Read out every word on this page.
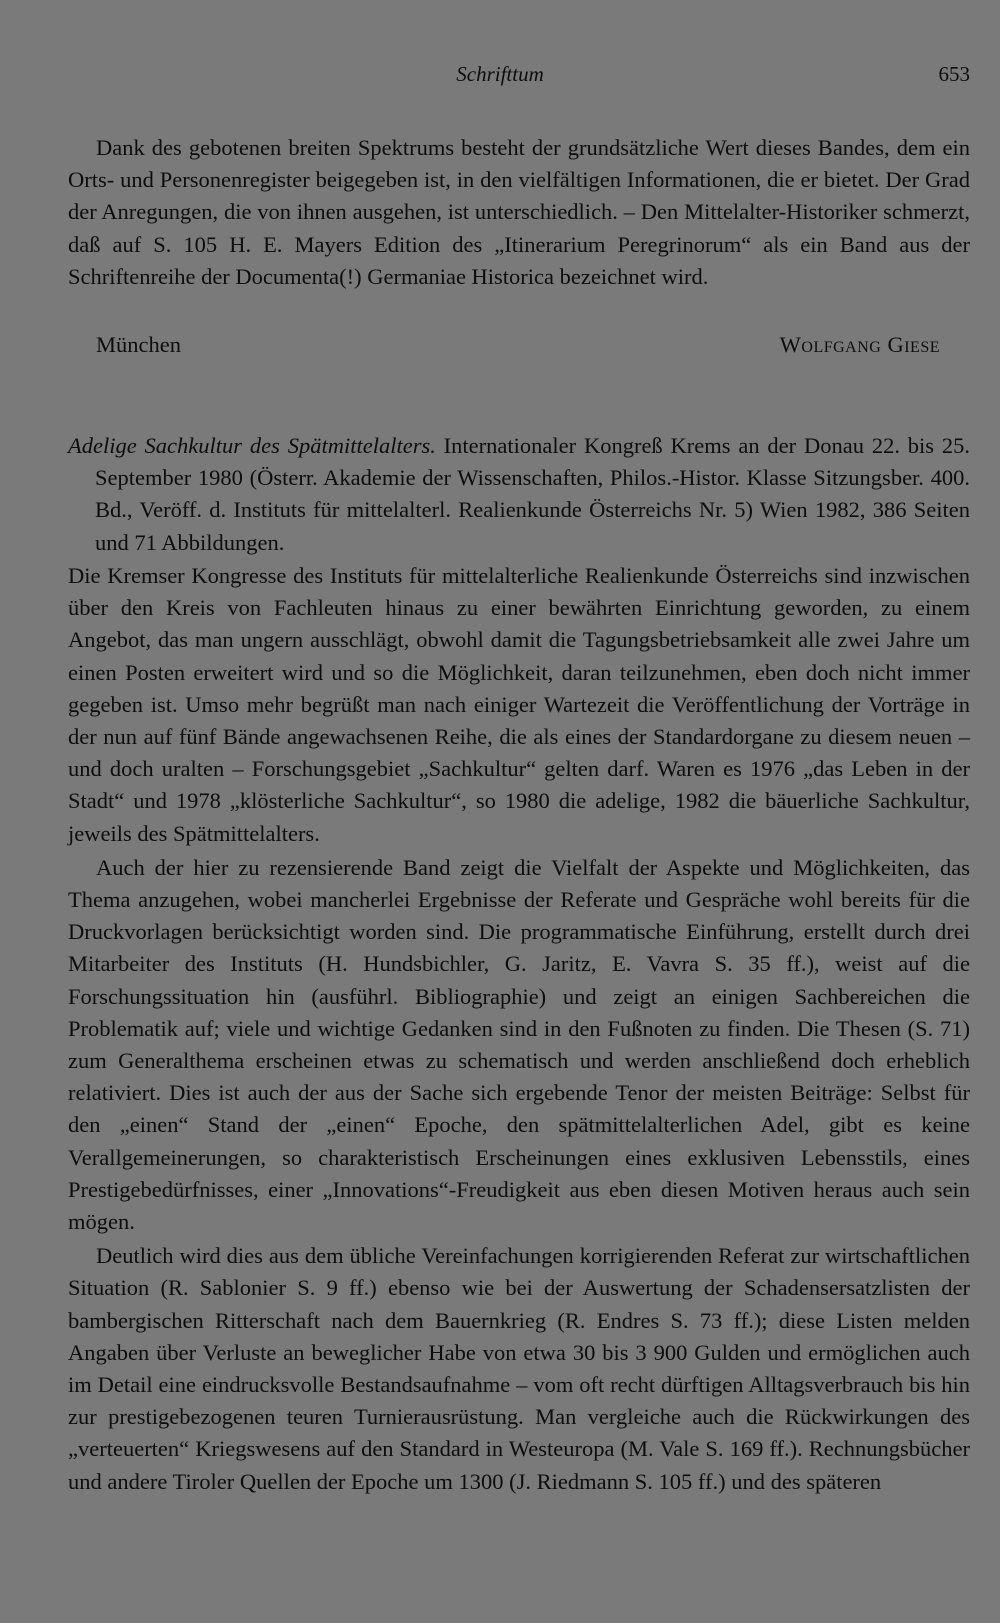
Schrifttum	653

Dank des gebotenen breiten Spektrums besteht der grundsätzliche Wert dieses Bandes, dem ein Orts- und Personenregister beigegeben ist, in den vielfältigen Informationen, die er bietet. Der Grad der Anregungen, die von ihnen ausgehen, ist unterschiedlich. – Den Mittelalter-Historiker schmerzt, daß auf S. 105 H. E. Mayers Edition des „Itinerarium Peregrinorum“ als ein Band aus der Schriftenreihe der Documenta(!) Germaniae Historica bezeichnet wird.

München	Wolfgang Giese
Adelige Sachkultur des Spätmittelalters. Internationaler Kongreß Krems an der Donau 22. bis 25. September 1980 (Österr. Akademie der Wissenschaften, Philos.-Histor. Klasse Sitzungsber. 400. Bd., Veröff. d. Instituts für mittelalterl. Realienkunde Österreichs Nr. 5) Wien 1982, 386 Seiten und 71 Abbildungen.

Die Kremser Kongresse des Instituts für mittelalterliche Realienkunde Österreichs sind inzwischen über den Kreis von Fachleuten hinaus zu einer bewährten Einrichtung geworden, zu einem Angebot, das man ungern ausschlägt, obwohl damit die Tagungsbetriebsamkeit alle zwei Jahre um einen Posten erweitert wird und so die Möglichkeit, daran teilzunehmen, eben doch nicht immer gegeben ist. Umso mehr begrüßt man nach einiger Wartezeit die Veröffentlichung der Vorträge in der nun auf fünf Bände angewachsenen Reihe, die als eines der Standardorgane zu diesem neuen – und doch uralten – Forschungsgebiet „Sachkultur“ gelten darf. Waren es 1976 „das Leben in der Stadt“ und 1978 „klösterliche Sachkultur“, so 1980 die adelige, 1982 die bäuerliche Sachkultur, jeweils des Spätmittelalters.

Auch der hier zu rezensierende Band zeigt die Vielfalt der Aspekte und Möglichkeiten, das Thema anzugehen, wobei mancherlei Ergebnisse der Referate und Gespräche wohl bereits für die Druckvorlagen berücksichtigt worden sind. Die programmatische Einführung, erstellt durch drei Mitarbeiter des Instituts (H. Hundsbichler, G. Jaritz, E. Vavra S. 35 ff.), weist auf die Forschungssituation hin (ausführl. Bibliographie) und zeigt an einigen Sachbereichen die Problematik auf; viele und wichtige Gedanken sind in den Fußnoten zu finden. Die Thesen (S. 71) zum Generalthema erscheinen etwas zu schematisch und werden anschließend doch erheblich relativiert. Dies ist auch der aus der Sache sich ergebende Tenor der meisten Beiträge: Selbst für den „einen“ Stand der „einen“ Epoche, den spätmittelalterlichen Adel, gibt es keine Verallgemeinerungen, so charakteristisch Erscheinungen eines exklusiven Lebensstils, eines Prestigebedürfnisses, einer „Innovations“-Freudigkeit aus eben diesen Motiven heraus auch sein mögen.

Deutlich wird dies aus dem übliche Vereinfachungen korrigierenden Referat zur wirtschaftlichen Situation (R. Sablonier S. 9 ff.) ebenso wie bei der Auswertung der Schadensersatzlisten der bambergischen Ritterschaft nach dem Bauernkrieg (R. Endres S. 73 ff.); diese Listen melden Angaben über Verluste an beweglicher Habe von etwa 30 bis 3 900 Gulden und ermöglichen auch im Detail eine eindrucksvolle Bestandsaufnahme – vom oft recht dürftigen Alltagsverbrauch bis hin zur prestigebezogenen teuren Turnierausrüstung. Man vergleiche auch die Rückwirkungen des „verteuerten“ Kriegswesens auf den Standard in Westeuropa (M. Vale S. 169 ff.). Rechnungsbücher und andere Tiroler Quellen der Epoche um 1300 (J. Riedmann S. 105 ff.) und des späteren
